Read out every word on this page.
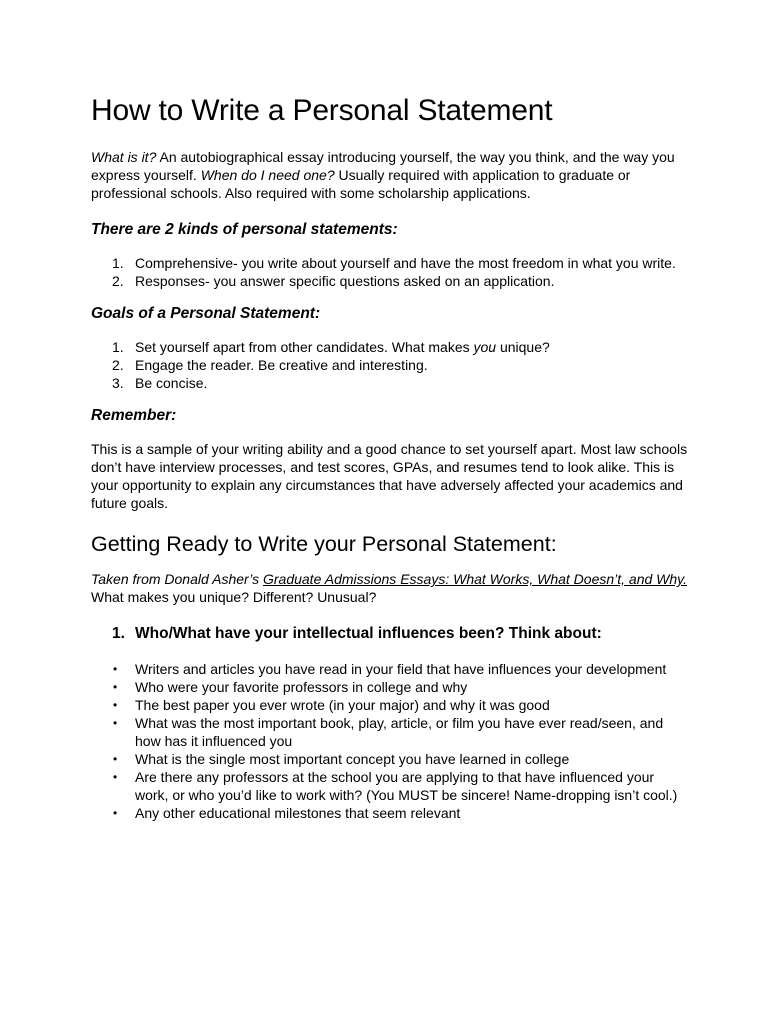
How to Write a Personal Statement

What is it? An autobiographical essay introducing yourself, the way you think, and the way you express yourself. When do I need one? Usually required with application to graduate or professional schools. Also required with some scholarship applications.

There are 2 kinds of personal statements:
1. Comprehensive- you write about yourself and have the most freedom in what you write.
2. Responses- you answer specific questions asked on an application.
Goals of a Personal Statement:
1. Set yourself apart from other candidates. What makes you unique?
2. Engage the reader. Be creative and interesting.
3. Be concise.
Remember:

This is a sample of your writing ability and a good chance to set yourself apart. Most law schools don’t have interview processes, and test scores, GPAs, and resumes tend to look alike. This is your opportunity to explain any circumstances that have adversely affected your academics and future goals.

Getting Ready to Write your Personal Statement:

Taken from Donald Asher’s Graduate Admissions Essays: What Works, What Doesn’t, and Why. What makes you unique? Different? Unusual?

1. Who/What have your intellectual influences been? Think about:
• Writers and articles you have read in your field that have influences your development
• Who were your favorite professors in college and why
• The best paper you ever wrote (in your major) and why it was good
• What was the most important book, play, article, or film you have ever read/seen, and how has it influenced you
• What is the single most important concept you have learned in college
• Are there any professors at the school you are applying to that have influenced your work, or who you’d like to work with? (You MUST be sincere! Name-dropping isn’t cool.)
• Any other educational milestones that seem relevant
